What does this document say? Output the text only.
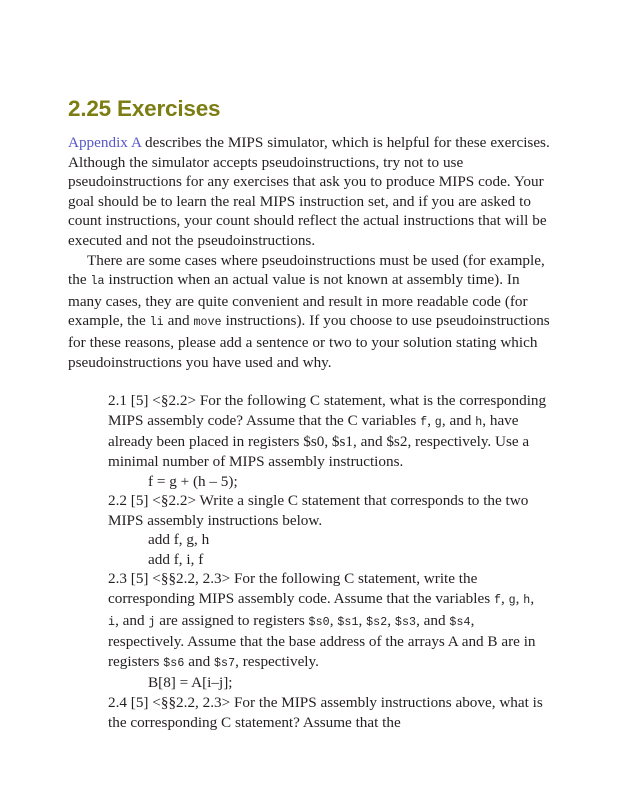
2.25 Exercises

Appendix A describes the MIPS simulator, which is helpful for these exercises. Although the simulator accepts pseudoinstructions, try not to use pseudoinstructions for any exercises that ask you to produce MIPS code. Your goal should be to learn the real MIPS instruction set, and if you are asked to count instructions, your count should reflect the actual instructions that will be executed and not the pseudoinstructions.

There are some cases where pseudoinstructions must be used (for example, the la instruction when an actual value is not known at assembly time). In many cases, they are quite convenient and result in more readable code (for example, the li and move instructions). If you choose to use pseudoinstructions for these reasons, please add a sentence or two to your solution stating which pseudoinstructions you have used and why.

2.1 [5] <§2.2> For the following C statement, what is the corresponding MIPS assembly code? Assume that the C variables f, g, and h, have already been placed in registers $s0, $s1, and $s2, respectively. Use a minimal number of MIPS assembly instructions.

f = g + (h – 5);

2.2 [5] <§2.2> Write a single C statement that corresponds to the two MIPS assembly instructions below.

add f, g, h

add f, i, f

2.3 [5] <§§2.2, 2.3> For the following C statement, write the corresponding MIPS assembly code. Assume that the variables f, g, h, i, and j are assigned to registers $s0, $s1, $s2, $s3, and $s4, respectively. Assume that the base address of the arrays A and B are in registers $s6 and $s7, respectively.

B[8] = A[i–j];

2.4 [5] <§§2.2, 2.3> For the MIPS assembly instructions above, what is the corresponding C statement? Assume that the
